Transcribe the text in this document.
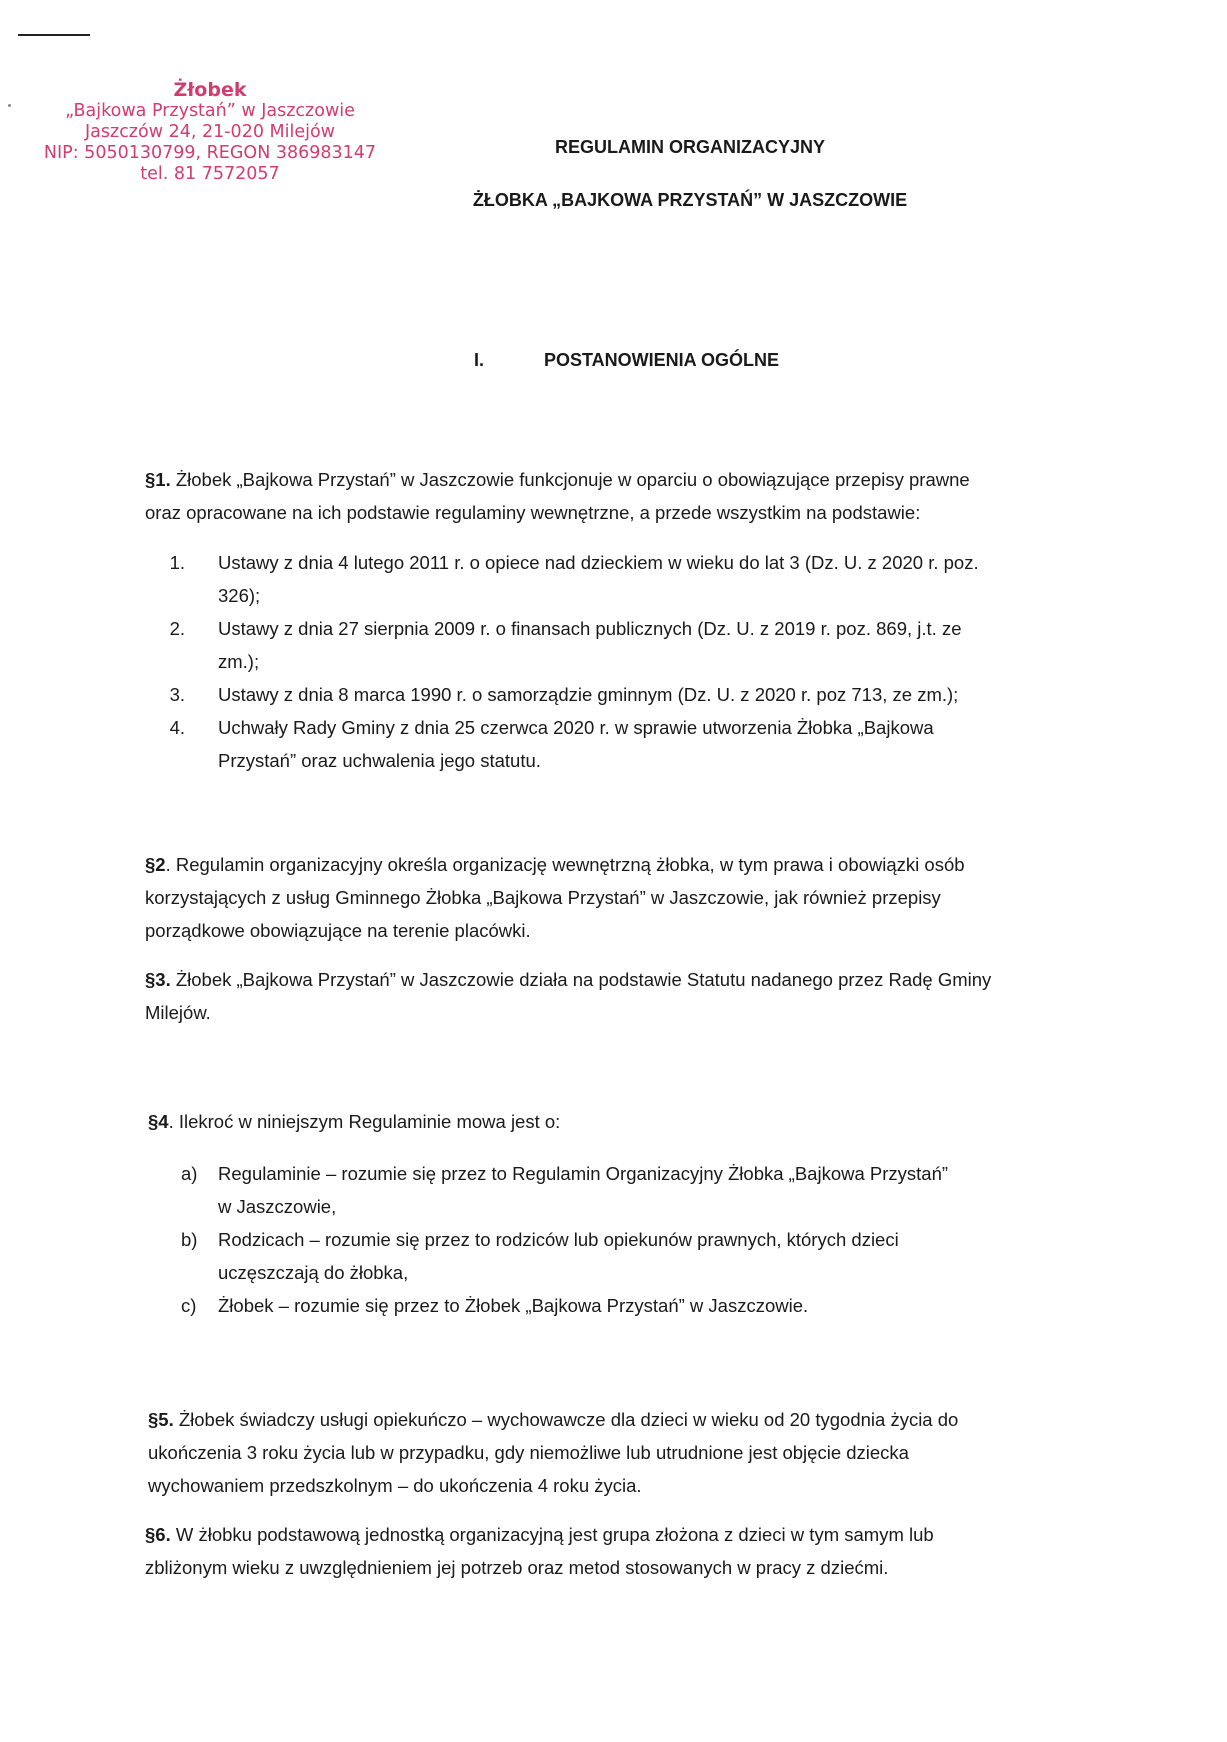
Żłobek
„Bajkowa Przystań” w Jaszczowie
Jaszczów 24, 21-020 Milejów
NIP: 5050130799, REGON 386983147
tel. 81 7572057
REGULAMIN ORGANIZACYJNY
ŻŁOBKA „BAJKOWA PRZYSTAŃ” W JASZCZOWIE
I.	POSTANOWIENIA OGÓLNE
§1. Żłobek „Bajkowa Przystań” w Jaszczowie funkcjonuje w oparciu o obowiązujące przepisy prawne
oraz opracowane na ich podstawie regulaminy wewnętrzne, a przede wszystkim na podstawie:
1. Ustawy z dnia 4 lutego 2011 r. o opiece nad dzieckiem w wieku do lat 3 (Dz. U. z 2020 r. poz.
326);
2. Ustawy z dnia 27 sierpnia 2009 r. o finansach publicznych (Dz. U. z 2019 r. poz. 869, j.t. ze
zm.);
3. Ustawy z dnia 8 marca 1990 r. o samorządzie gminnym (Dz. U. z 2020 r. poz 713, ze zm.);
4. Uchwały Rady Gminy z dnia 25 czerwca 2020 r. w sprawie utworzenia Żłobka „Bajkowa
Przystań” oraz uchwalenia jego statutu.
§2. Regulamin organizacyjny określa organizację wewnętrzną żłobka, w tym prawa i obowiązki osób
korzystających z usług Gminnego Żłobka „Bajkowa Przystań” w Jaszczowie, jak również przepisy
porządkowe obowiązujące na terenie placówki.
§3. Żłobek „Bajkowa Przystań” w Jaszczowie działa na podstawie Statutu nadanego przez Radę Gminy
Milejów.
§4. Ilekroć w niniejszym Regulaminie mowa jest o:
a)	Regulaminie – rozumie się przez to Regulamin Organizacyjny Żłobka „Bajkowa Przystań”
w Jaszczowie,
b)	Rodzicach – rozumie się przez to rodziców lub opiekunów prawnych, których dzieci
uczęszczają do żłobka,
c)	Żłobek – rozumie się przez to Żłobek „Bajkowa Przystań” w Jaszczowie.
§5. Żłobek świadczy usługi opiekuńczo – wychowawcze dla dzieci w wieku od 20 tygodnia życia do
ukończenia 3 roku życia lub w przypadku, gdy niemożliwe lub utrudnione jest objęcie dziecka
wychowaniem przedszkolnym – do ukończenia 4 roku życia.
§6. W żłobku podstawową jednostką organizacyjną jest grupa złożona z dzieci w tym samym lub
zbliżonym wieku z uwzględnieniem jej potrzeb oraz metod stosowanych w pracy z dziećmi.
